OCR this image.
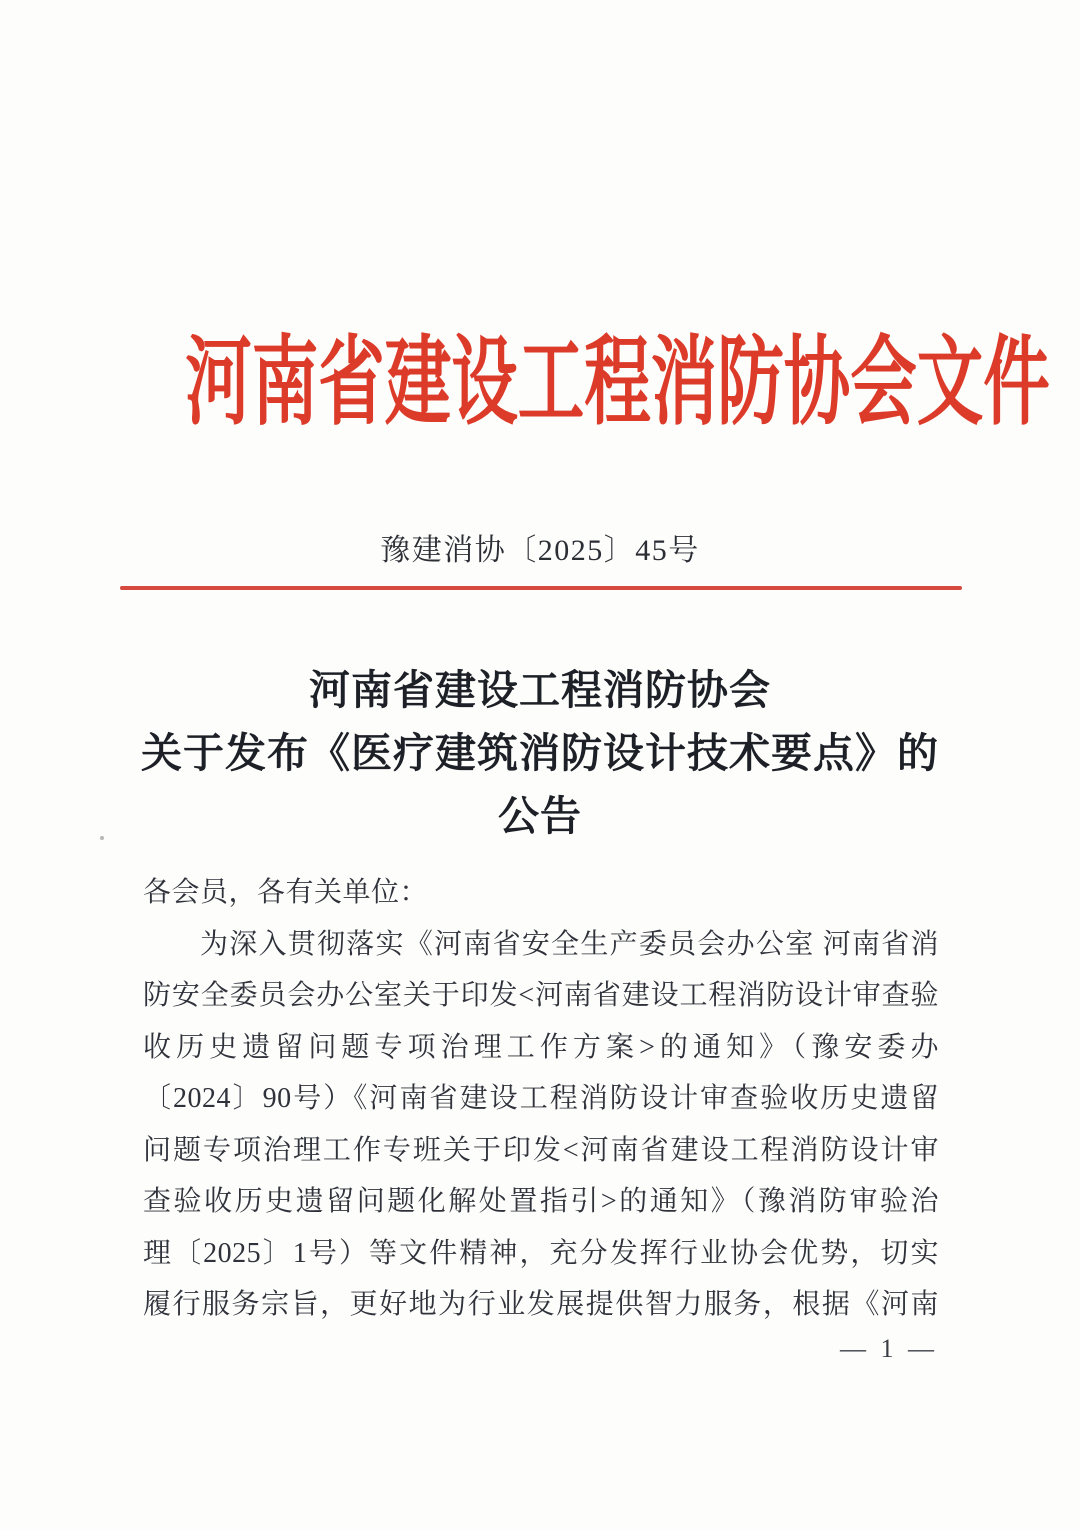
河南省建设工程消防协会文件
豫建消协〔2025〕45号
河南省建设工程消防协会
关于发布《医疗建筑消防设计技术要点》的
公告
各会员，各有关单位：
为深入贯彻落实《河南省安全生产委员会办公室 河南省消
防安全委员会办公室关于印发<河南省建设工程消防设计审查验
收历史遗留问题专项治理工作方案>的通知》（豫安委办
〔2024〕90号）《河南省建设工程消防设计审查验收历史遗留
问题专项治理工作专班关于印发<河南省建设工程消防设计审
查验收历史遗留问题化解处置指引>的通知》（豫消防审验治
理〔2025〕1号）等文件精神，充分发挥行业协会优势，切实
履行服务宗旨，更好地为行业发展提供智力服务，根据《河南
— 1 —
